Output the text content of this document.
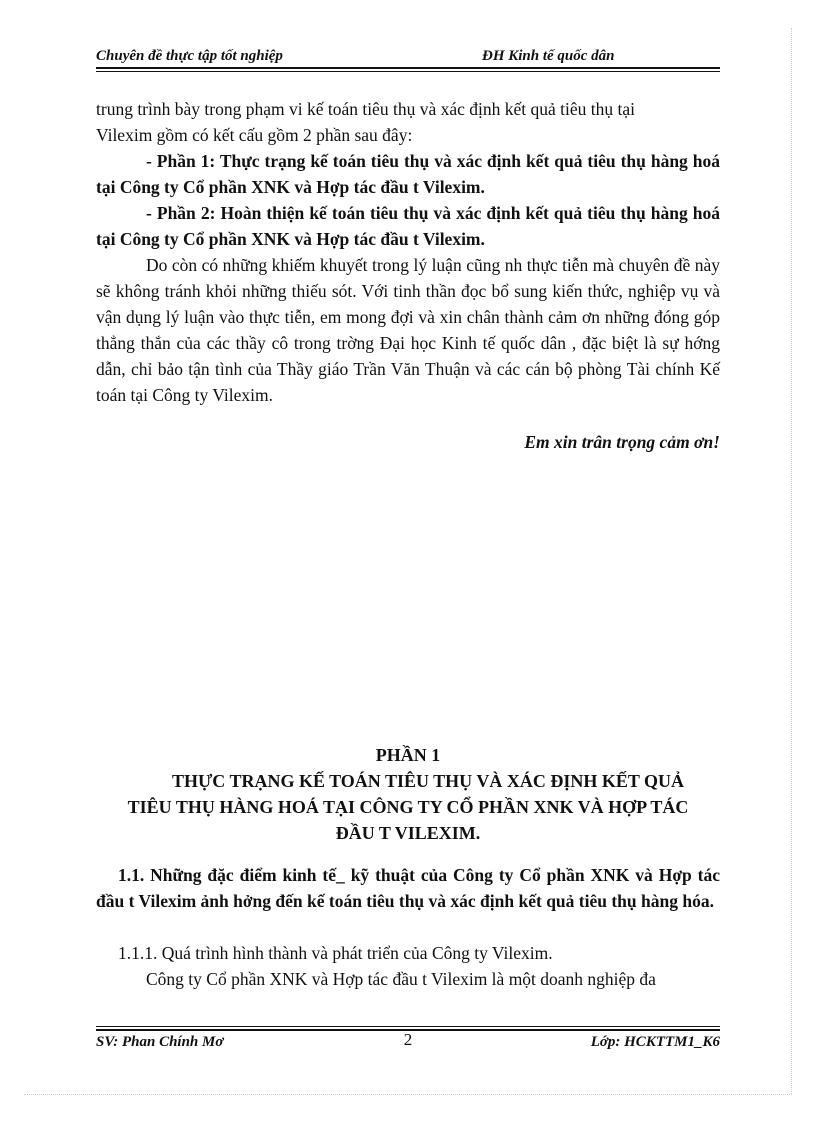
Chuyên đề thực tập tốt nghiệp	ĐH Kinh tế quốc dân
trung trình bày trong phạm vi kế toán tiêu thụ và xác định kết quả tiêu thụ tại
Vilexim gồm có kết cấu gồm 2 phần sau đây:

- Phần 1: Thực trạng kế toán tiêu thụ và xác định kết quả tiêu thụ hàng hoá tại Công ty Cổ phần XNK và Hợp tác đầu t Vilexim.

- Phần 2: Hoàn thiện kế toán tiêu thụ và xác định kết quả tiêu thụ hàng hoá tại Công ty Cổ phần XNK và Hợp tác đầu t Vilexim.

Do còn có những khiếm khuyết trong lý luận cũng nh thực tiễn mà chuyên đề này sẽ không tránh khỏi những thiếu sót. Với tinh thần đọc bổ sung kiến thức, nghiệp vụ và vận dụng lý luận vào thực tiễn, em mong đợi và xin chân thành cảm ơn những đóng góp thẳng thắn của các thầy cô trong trờng Đại học Kinh tế quốc dân , đặc biệt là sự hớng dẫn, chỉ bảo tận tình của Thầy giáo Trần Văn Thuận và các cán bộ phòng Tài chính Kế toán tại Công ty Vilexim.

Em xin trân trọng cảm ơn!
PHẦN 1
THỰC TRẠNG KẾ TOÁN TIÊU THỤ VÀ XÁC ĐỊNH KẾT QUẢ
TIÊU THỤ HÀNG HOÁ TẠI CÔNG TY CỔ PHẦN XNK VÀ HỢP TÁC
ĐẦU T VILEXIM.

1.1. Những đặc điểm kinh tế_ kỹ thuật của Công ty Cổ phần XNK và Hợp tác đầu t Vilexim ảnh hởng đến kế toán tiêu thụ và xác định kết quả tiêu thụ hàng hóa.

1.1.1. Quá trình hình thành và phát triển của Công ty Vilexim.
Công ty Cổ phần XNK và Hợp tác đầu t Vilexim là một doanh nghiệp đa
SV: Phan Chính Mơ	2	Lớp: HCKTTM1_K6
